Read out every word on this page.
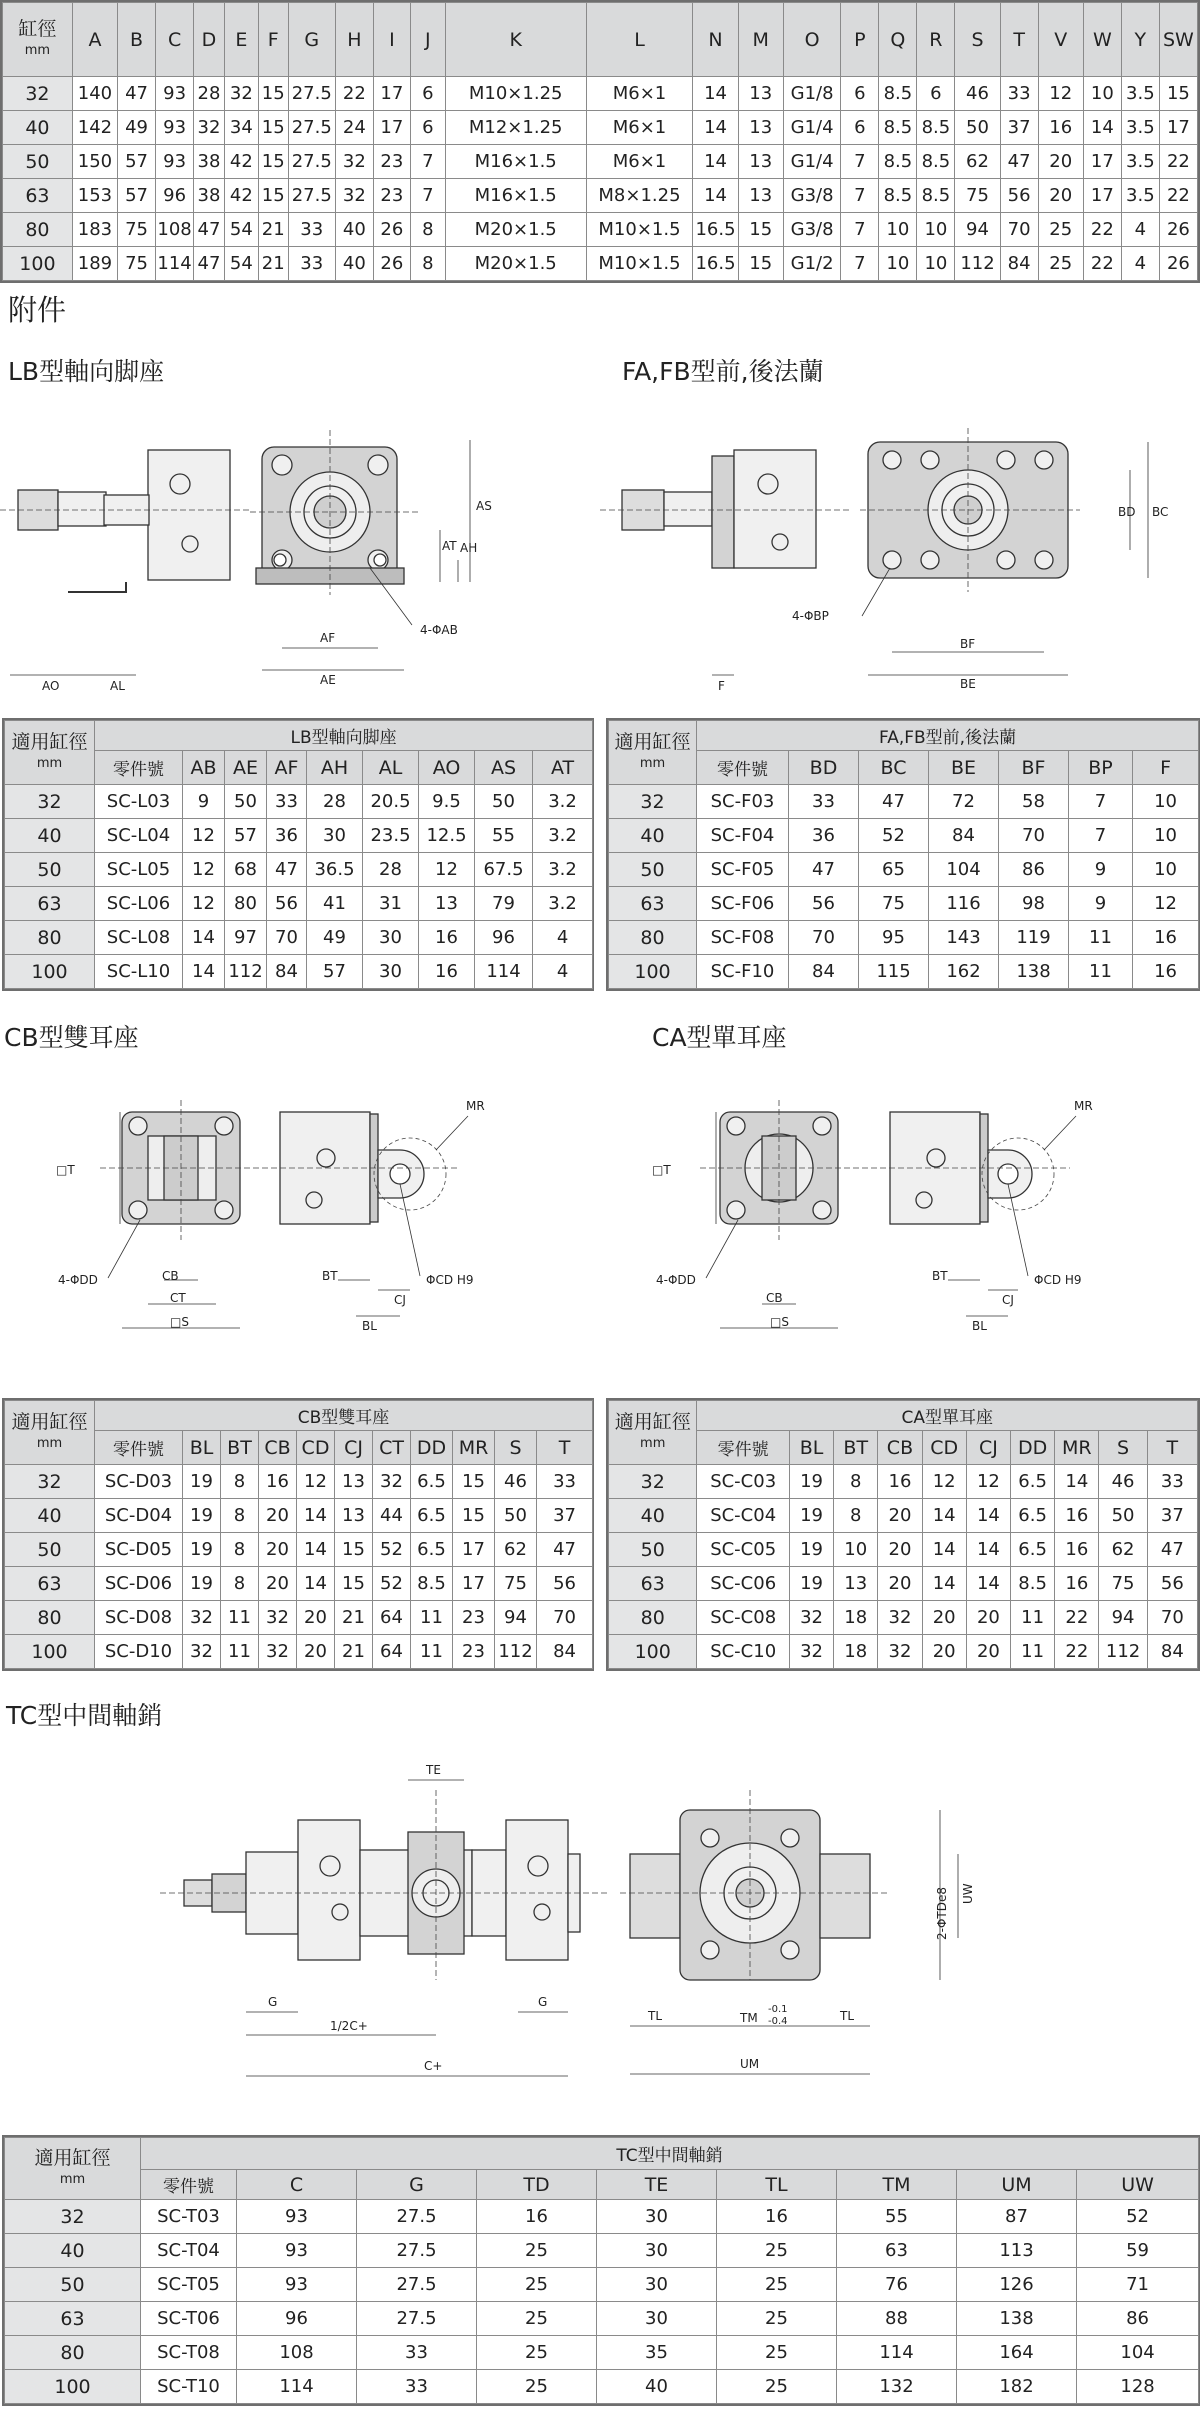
缸徑
mm	A	B	C	D	E	F	G	H	I	J	K	L	N	M	O	P	Q	R	S	T	V	W	Y	SW
32	140	47	93	28	32	15	27.5	22	17	6	M10×1.25	M6×1	14	13	G1/8	6	8.5	6	46	33	12	10	3.5	15
40	142	49	93	32	34	15	27.5	24	17	6	M12×1.25	M6×1	14	13	G1/4	6	8.5	8.5	50	37	16	14	3.5	17
50	150	57	93	38	42	15	27.5	32	23	7	M16×1.5	M6×1	14	13	G1/4	7	8.5	8.5	62	47	20	17	3.5	22
63	153	57	96	38	42	15	27.5	32	23	7	M16×1.5	M8×1.25	14	13	G3/8	7	8.5	8.5	75	56	20	17	3.5	22
80	183	75	108	47	54	21	33	40	26	8	M20×1.5	M10×1.5	16.5	15	G3/8	7	10	10	94	70	25	22	4	26
100	189	75	114	47	54	21	33	40	26	8	M20×1.5	M10×1.5	16.5	15	G1/2	7	10	10	112	84	25	22	4	26
附件
LB型軸向脚座	FA,FB型前,後法蘭
AO	AL
AF
AE
4-ΦAB
AT AH
AS
F
4-ΦBP
BF
BE
BD BC
適用缸徑
mm	LB型軸向脚座								
	零件號	AB	AE	AF	AH	AL	AO	AS	AT
32	SC-L03	9	50	33	28	20.5	9.5	50	3.2
40	SC-L04	12	57	36	30	23.5	12.5	55	3.2
50	SC-L05	12	68	47	36.5	28	12	67.5	3.2
63	SC-L06	12	80	56	41	31	13	79	3.2
80	SC-L08	14	97	70	49	30	16	96	4
100	SC-L10	14	112	84	57	30	16	114	4
適用缸徑
mm	FA,FB型前,後法蘭						
	零件號	BD	BC	BE	BF	BP	F
32	SC-F03	33	47	72	58	7	10
40	SC-F04	36	52	84	70	7	10
50	SC-F05	47	65	104	86	9	10
63	SC-F06	56	75	116	98	9	12
80	SC-F08	70	95	143	119	11	16
100	SC-F10	84	115	162	138	11	16
CB型雙耳座	CA型單耳座
□T
4-ΦDD	CB
CT
□S
BT
BL
CJ
ΦCD H9
MR
□T
4-ΦDD
CB
□S
BT
BL
CJ
ΦCD H9
MR
適用缸徑
mm	CB型雙耳座										
	零件號	BL	BT	CB	CD	CJ	CT	DD	MR	S	T
32	SC-D03	19	8	16	12	13	32	6.5	15	46	33
40	SC-D04	19	8	20	14	13	44	6.5	15	50	37
50	SC-D05	19	8	20	14	15	52	6.5	17	62	47
63	SC-D06	19	8	20	14	15	52	8.5	17	75	56
80	SC-D08	32	11	32	20	21	64	11	23	94	70
100	SC-D10	32	11	32	20	21	64	11	23	112	84
適用缸徑
mm	CA型單耳座									
	零件號	BL	BT	CB	CD	CJ	DD	MR	S	T
32	SC-C03	19	8	16	12	12	6.5	14	46	33
40	SC-C04	19	8	20	14	14	6.5	16	50	37
50	SC-C05	19	10	20	14	14	6.5	16	62	47
63	SC-C06	19	13	20	14	14	8.5	16	75	56
80	SC-C08	32	18	32	20	20	11	22	94	70
100	SC-C10	32	18	32	20	20	11	22	112	84
TC型中間軸銷
TE
G	G
1/2C+
C+
TL	TM
-0.1
-0.4	TL
UM
2-ΦTDe8 UW
適用缸徑
mm	TC型中間軸銷								
	零件號	C	G	TD	TE	TL	TM	UM	UW
32	SC-T03	93	27.5	16	30	16	55	87	52
40	SC-T04	93	27.5	25	30	25	63	113	59
50	SC-T05	93	27.5	25	30	25	76	126	71
63	SC-T06	96	27.5	25	30	25	88	138	86
80	SC-T08	108	33	25	35	25	114	164	104
100	SC-T10	114	33	25	40	25	132	182	128
